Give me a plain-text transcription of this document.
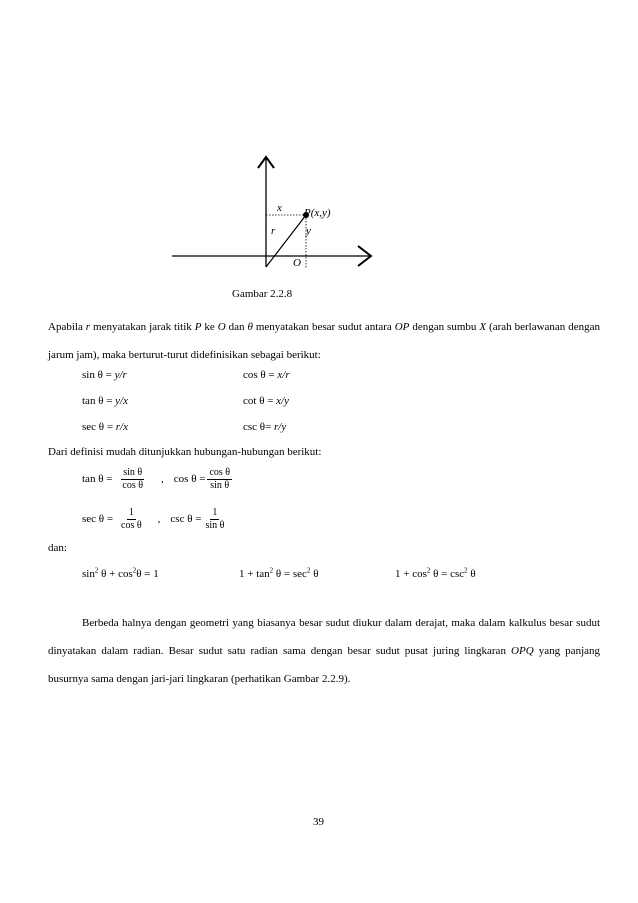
x P(x,y)
r	y
O
Gambar 2.2.8
Apabila r menyatakan jarak titik P ke O dan θ menyatakan besar sudut antara OP dengan sumbu X (arah berlawanan dengan jarum jam), maka berturut-turut didefinisikan sebagai berikut:
sin θ = y/r	cos θ = x/r
tan θ = y/x	cot θ = x/y
sec θ = r/x	csc θ= r/y
Dari definisi mudah ditunjukkan hubungan-hubungan berikut:
$\tan \theta = \frac{\text{sin θ}}{\text{cos θ}}$ , $\cos \theta = \frac{\text{cos θ}}{\text{sin θ}}$
$\sec \theta = \frac{1}{\text{cos θ}}$ , $\csc \theta = \frac{1}{\text{sin θ}}$
dan:
$\sin^2 \theta + \cos^2\theta = 1$	$1 + \tan^2 \theta = \sec^2 \theta$	$1 + \cos^2 \theta = \csc^2 \theta$
Berbeda halnya dengan geometri yang biasanya besar sudut diukur dalam derajat, maka dalam kalkulus besar sudut dinyatakan dalam radian. Besar sudut satu radian sama dengan besar sudut pusat juring lingkaran OPQ yang panjang busurnya sama dengan jari-jari lingkaran (perhatikan Gambar 2.2.9).
39
